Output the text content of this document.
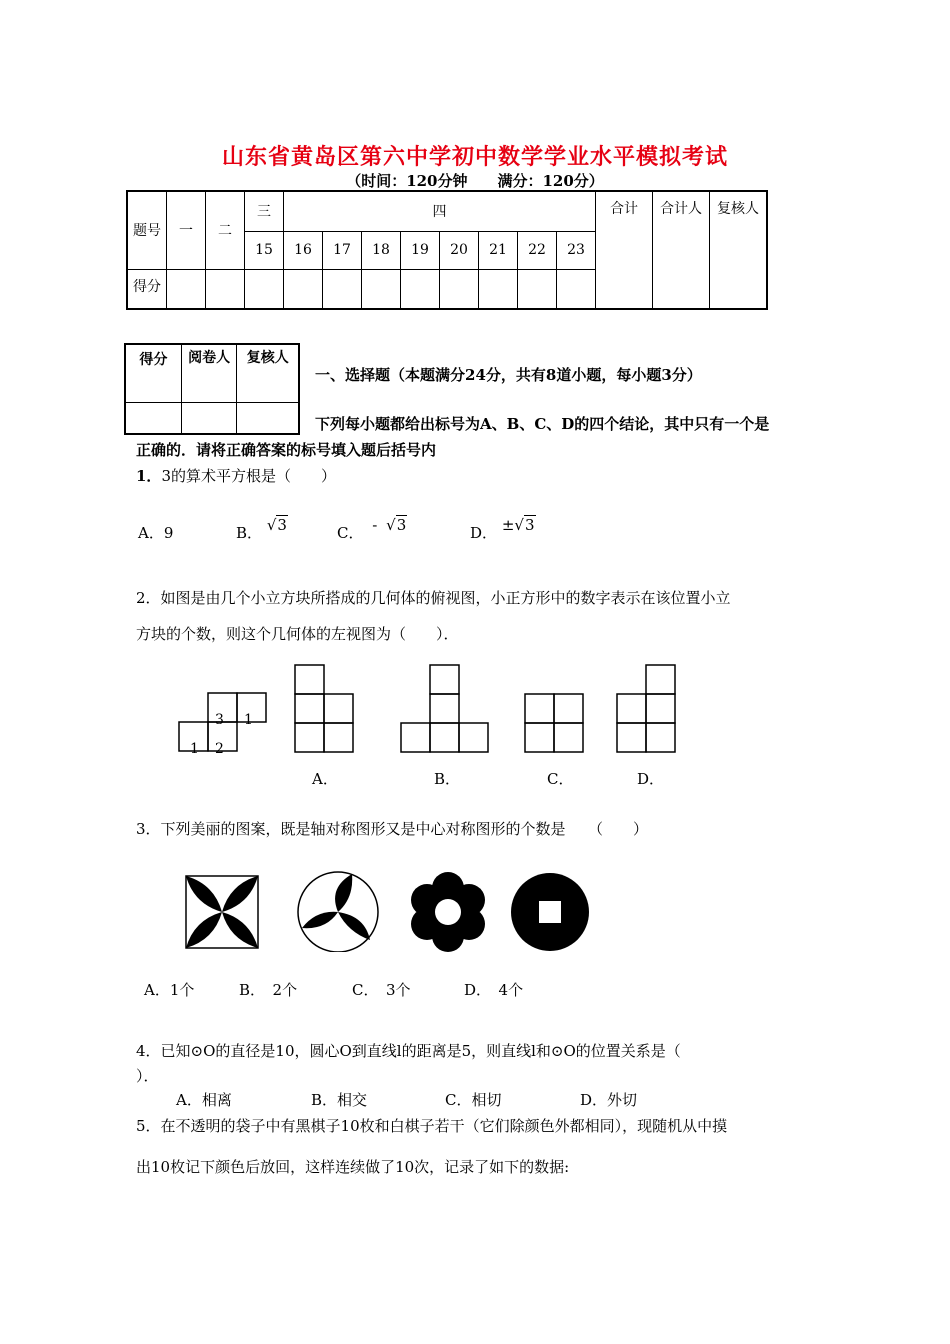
山东省黄岛区第六中学初中数学学业水平模拟考试
（时间：120分钟　　满分：120分）
题号	一	二	三	四								合计	合计人	复核人
			15	16	17	18	19	20	21	22	23			
得分														
得分	阅卷人	复核人

一、选择题（本题满分24分，共有8道小题，每小题3分）
下列每小题都给出标号为A、B、C、D的四个结论，其中只有一个是
正确的．请将正确答案的标号填入题后括号内
1．3的算术平方根是（　　）
A．9	B． √3	C． - √3	D． ±√3
2．如图是由几个小立方块所搭成的几何体的俯视图，小正方形中的数字表示在该位置小立
方块的个数，则这个几何体的左视图为（　　）．
3 1
1 2
A．	B．	C．	D．
3．下列美丽的图案，既是轴对称图形又是中心对称图形的个数是　　（　　）
A．1个	B．　2个	C．　3个	D．　4个
4．已知⊙O的直径是10，圆心O到直线l的距离是5，则直线l和⊙O的位置关系是（
）．
A．相离	B．相交	C．相切	D．外切
5．在不透明的袋子中有黑棋子10枚和白棋子若干（它们除颜色外都相同），现随机从中摸
出10枚记下颜色后放回，这样连续做了10次，记录了如下的数据:
